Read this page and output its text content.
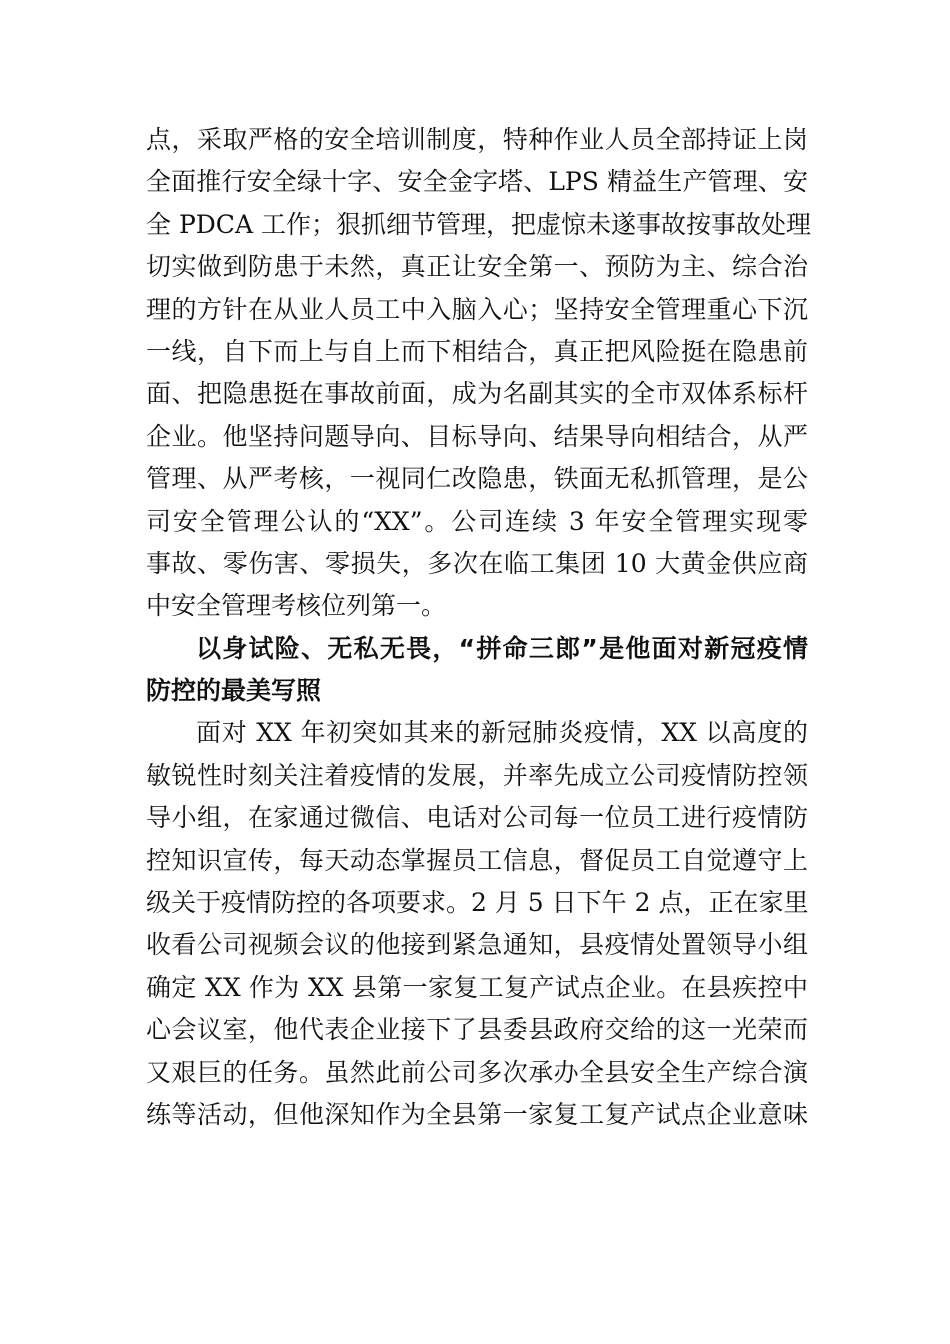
点，采取严格的安全培训制度，特种作业人员全部持证上岗
全面推行安全绿十字、安全金字塔、LPS 精益生产管理、安
全 PDCA 工作；狠抓细节管理，把虚惊未遂事故按事故处理
切实做到防患于未然，真正让安全第一、预防为主、综合治
理的方针在从业人员工中入脑入心；坚持安全管理重心下沉
一线，自下而上与自上而下相结合，真正把风险挺在隐患前
面、把隐患挺在事故前面，成为名副其实的全市双体系标杆
企业。他坚持问题导向、目标导向、结果导向相结合，从严
管理、从严考核，一视同仁改隐患，铁面无私抓管理，是公
司安全管理公认的“XX”。公司连续 3 年安全管理实现零
事故、零伤害、零损失，多次在临工集团 10 大黄金供应商
中安全管理考核位列第一。
以身试险、无私无畏，“拼命三郎”是他面对新冠疫情
防控的最美写照
面对 XX 年初突如其来的新冠肺炎疫情，XX 以高度的
敏锐性时刻关注着疫情的发展，并率先成立公司疫情防控领
导小组，在家通过微信、电话对公司每一位员工进行疫情防
控知识宣传，每天动态掌握员工信息，督促员工自觉遵守上
级关于疫情防控的各项要求。2 月 5 日下午 2 点，正在家里
收看公司视频会议的他接到紧急通知，县疫情处置领导小组
确定 XX 作为 XX 县第一家复工复产试点企业。在县疾控中
心会议室，他代表企业接下了县委县政府交给的这一光荣而
又艰巨的任务。虽然此前公司多次承办全县安全生产综合演
练等活动，但他深知作为全县第一家复工复产试点企业意味
